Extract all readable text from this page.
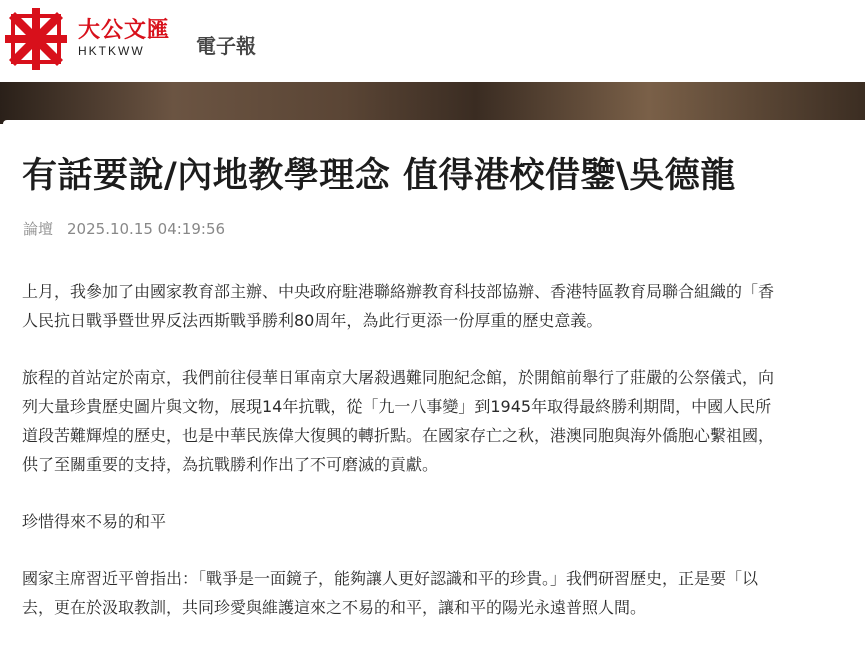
大公文匯
HKTKWW	電子報
有話要說/內地教學理念 值得港校借鑒\吳德龍
論壇 2025.10.15 04:19:56

上月，我參加了由國家教育部主辦、中央政府駐港聯絡辦教育科技部協辦、香港特區教育局聯合組織的「香
人民抗日戰爭暨世界反法西斯戰爭勝利80周年，為此行更添一份厚重的歷史意義。

旅程的首站定於南京，我們前往侵華日軍南京大屠殺遇難同胞紀念館，於開館前舉行了莊嚴的公祭儀式，向
列大量珍貴歷史圖片與文物，展現14年抗戰，從「九一八事變」到1945年取得最終勝利期間，中國人民所
道段苦難輝煌的歷史，也是中華民族偉大復興的轉折點。在國家存亡之秋，港澳同胞與海外僑胞心繫祖國，
供了至關重要的支持，為抗戰勝利作出了不可磨滅的貢獻。

珍惜得來不易的和平

國家主席習近平曾指出：「戰爭是一面鏡子，能夠讓人更好認識和平的珍貴。」我們研習歷史，正是要「以
去，更在於汲取教訓，共同珍愛與維護這來之不易的和平，讓和平的陽光永遠普照人間。
